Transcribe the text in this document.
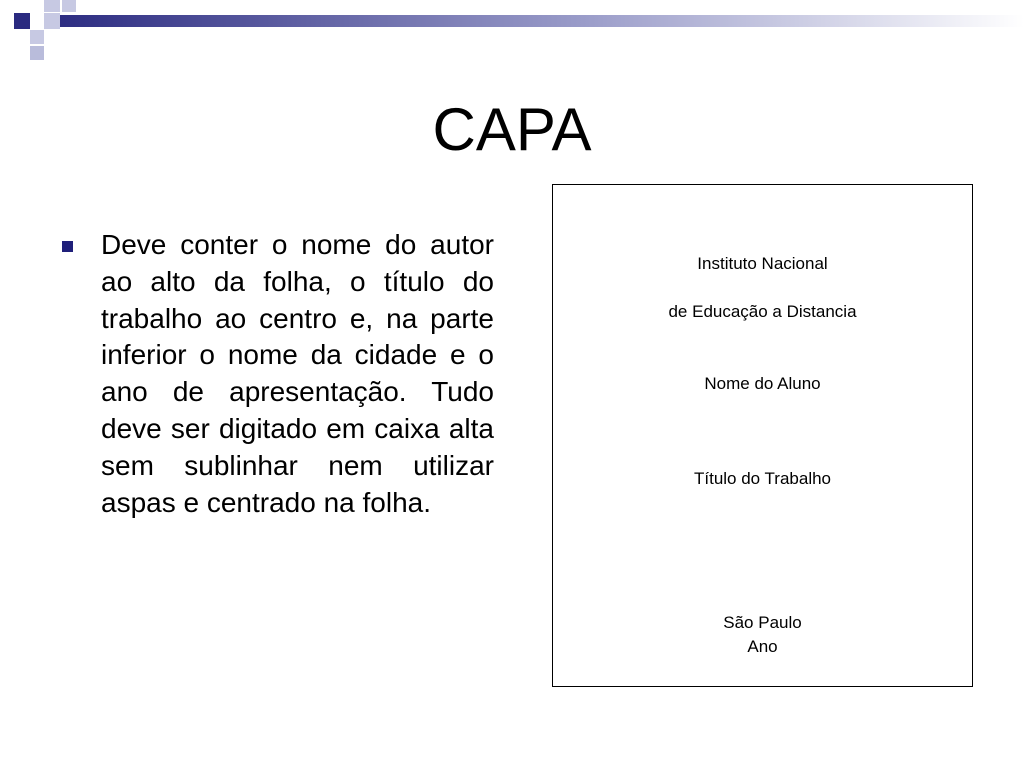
CAPA

Deve conter o nome do autor ao alto da folha, o título do trabalho ao centro e, na parte inferior o nome da cidade e o ano de apresentação. Tudo deve ser digitado em caixa alta sem sublinhar nem utilizar aspas e centrado na folha.

Instituto Nacional

de Educação a Distancia

Nome do Aluno

Título do Trabalho

São Paulo

Ano
